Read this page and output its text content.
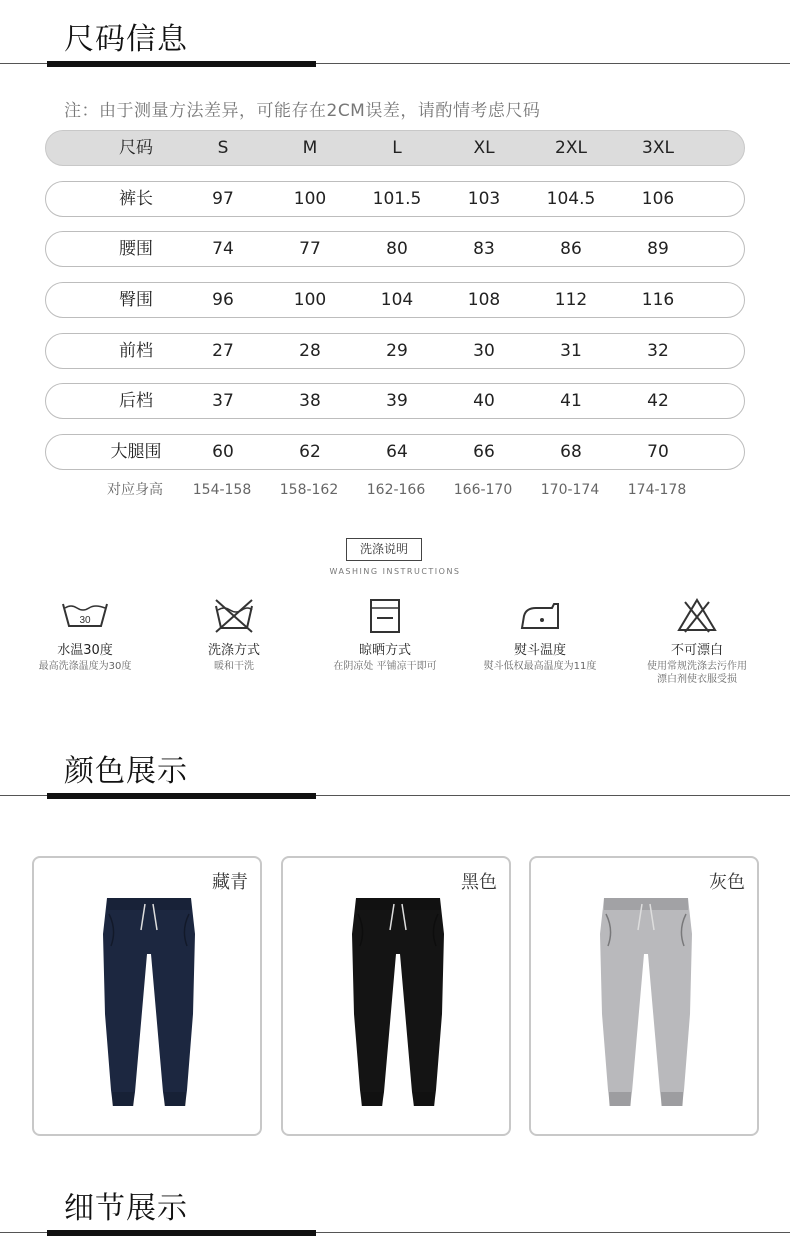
尺码信息
注：由于测量方法差异，可能存在2CM误差，请酌情考虑尺码
尺码	S	M	L	XL	2XL	3XL
裤长	97	100	101.5	103	104.5	106
腰围	74	77	80	83	86	89
臀围	96	100	104	108	112	116
前档	27	28	29	30	31	32
后档	37	38	39	40	41	42
大腿围	60	62	64	66	68	70
对应身高	154-158	158-162	162-166	166-170	170-174	174-178
洗涤说明
WASHING INSTRUCTIONS
30
水温30度
最高洗涤温度为30度
洗涤方式
暖和干洗
晾晒方式
在阴凉处 平铺凉干即可
熨斗温度
熨斗低权最高温度为11度
不可漂白
使用常规洗涤去污作用
漂白剂使衣服受损
颜色展示
藏青	黑色	灰色
细节展示
